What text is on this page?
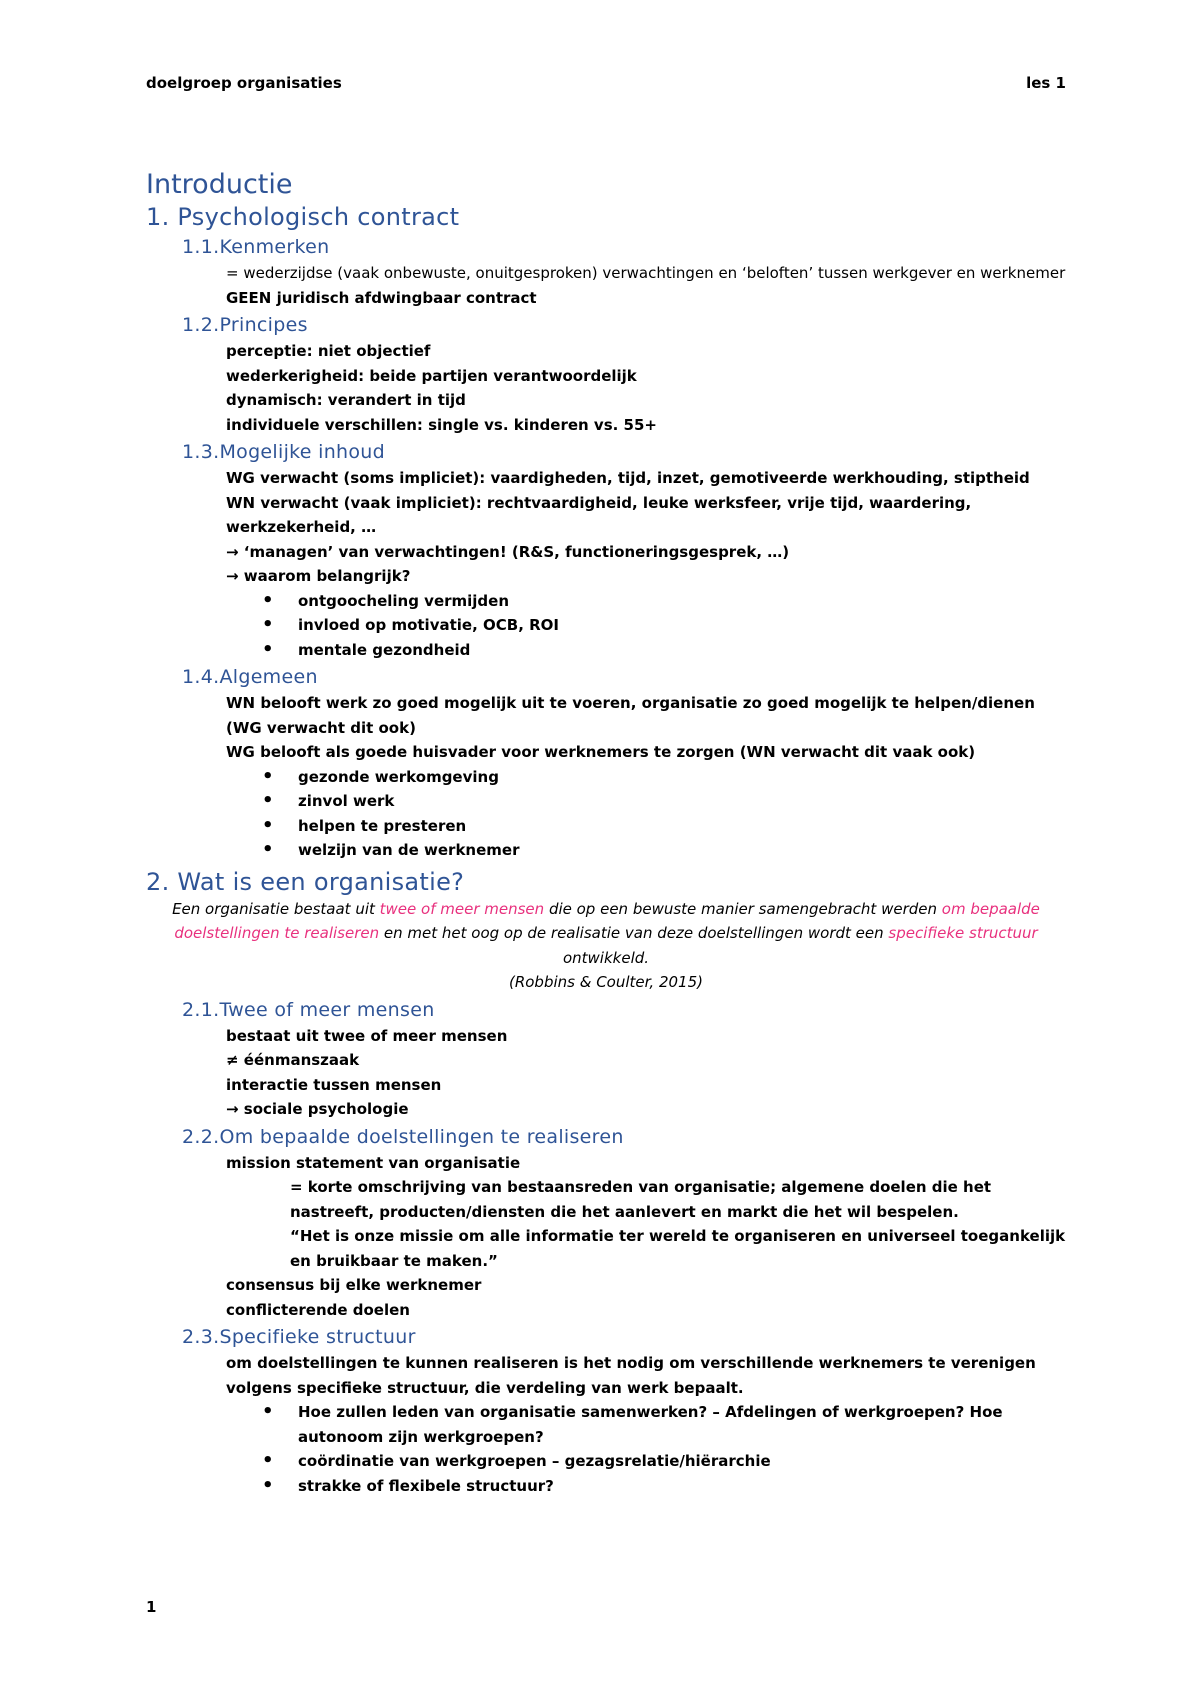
doelgroep organisaties	les 1
Introductie
1. Psychologisch contract
1.1.Kenmerken

= wederzijdse (vaak onbewuste, onuitgesproken) verwachtingen en ‘beloften’ tussen werkgever en werknemer

GEEN juridisch afdwingbaar contract

1.2.Principes

perceptie: niet objectief

wederkerigheid: beide partijen verantwoordelijk

dynamisch: verandert in tijd

individuele verschillen: single vs. kinderen vs. 55+

1.3.Mogelijke inhoud

WG verwacht (soms impliciet): vaardigheden, tijd, inzet, gemotiveerde werkhouding, stiptheid

WN verwacht (vaak impliciet): rechtvaardigheid, leuke werksfeer, vrije tijd, waardering, werkzekerheid, …

→ ‘managen’ van verwachtingen! (R&S, functioneringsgesprek, …)

→ waarom belangrijk?

• ontgoocheling vermijden
• invloed op motivatie, OCB, ROI
• mentale gezondheid
1.4.Algemeen

WN belooft werk zo goed mogelijk uit te voeren, organisatie zo goed mogelijk te helpen/dienen (WG verwacht dit ook)

WG belooft als goede huisvader voor werknemers te zorgen (WN verwacht dit vaak ook)

• gezonde werkomgeving
• zinvol werk
• helpen te presteren
• welzijn van de werknemer
2. Wat is een organisatie?

Een organisatie bestaat uit twee of meer mensen die op een bewuste manier samengebracht werden om bepaalde doelstellingen te realiseren en met het oog op de realisatie van deze doelstellingen wordt een specifieke structuur ontwikkeld.
(Robbins & Coulter, 2015)

2.1.Twee of meer mensen

bestaat uit twee of meer mensen

≠ éénmanszaak

interactie tussen mensen

→ sociale psychologie

2.2.Om bepaalde doelstellingen te realiseren

mission statement van organisatie

= korte omschrijving van bestaansreden van organisatie; algemene doelen die het nastreeft, producten/diensten die het aanlevert en markt die het wil bespelen.

“Het is onze missie om alle informatie ter wereld te organiseren en universeel toegankelijk en bruikbaar te maken.”

consensus bij elke werknemer

conflicterende doelen

2.3.Specifieke structuur

om doelstellingen te kunnen realiseren is het nodig om verschillende werknemers te verenigen volgens specifieke structuur, die verdeling van werk bepaalt.

• Hoe zullen leden van organisatie samenwerken? – Afdelingen of werkgroepen? Hoe autonoom zijn werkgroepen?
• coördinatie van werkgroepen – gezagsrelatie/hiërarchie
• strakke of flexibele structuur?
1
